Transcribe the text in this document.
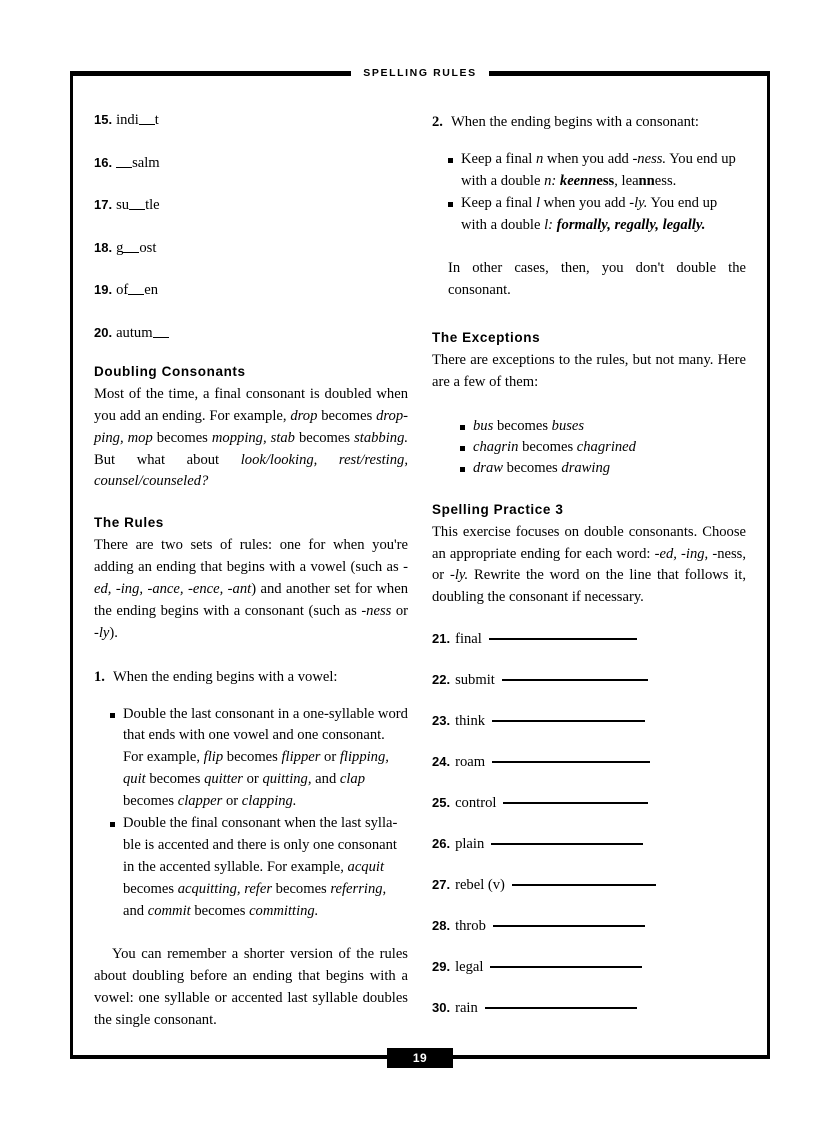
SPELLING RULES
15. indi t
16. salm
17. su tle
18. g ost
19. of en
20. autum
Doubling Consonants

Most of the time, a final consonant is doubled when you add an ending. For example, drop becomes dropping, mop becomes mopping, stab becomes stabbing. But what about look/looking, rest/resting, counsel/counseled?

The Rules

There are two sets of rules: one for when you're adding an ending that begins with a vowel (such as -ed, -ing, -ance, -ence, -ant) and another set for when the ending begins with a consonant (such as -ness or -ly).

1. When the ending begins with a vowel:

Double the last consonant in a one-syllable word that ends with one vowel and one consonant. For example, flip becomes flipper or flipping, quit becomes quitter or quitting, and clap becomes clapper or clapping.
Double the final consonant when the last syllable is accented and there is only one consonant in the accented syllable. For example, acquit becomes acquitting, refer becomes referring, and commit becomes committing.

You can remember a shorter version of the rules about doubling before an ending that begins with a vowel: one syllable or accented last syllable doubles the single consonant.

2. When the ending begins with a consonant:

Keep a final n when you add -ness. You end up with a double n: keenness, leanness.
Keep a final l when you add -ly. You end up with a double l: formally, regally, legally.

In other cases, then, you don't double the consonant.

The Exceptions

There are exceptions to the rules, but not many. Here are a few of them:

bus becomes buses
chagrin becomes chagrined
draw becomes drawing
Spelling Practice 3

This exercise focuses on double consonants. Choose an appropriate ending for each word: -ed, -ing, -ness, or -ly. Rewrite the word on the line that follows it, doubling the consonant if necessary.

21. final
22. submit
23. think
24. roam
25. control
26. plain
27. rebel (v)
28. throb
29. legal
30. rain
19
